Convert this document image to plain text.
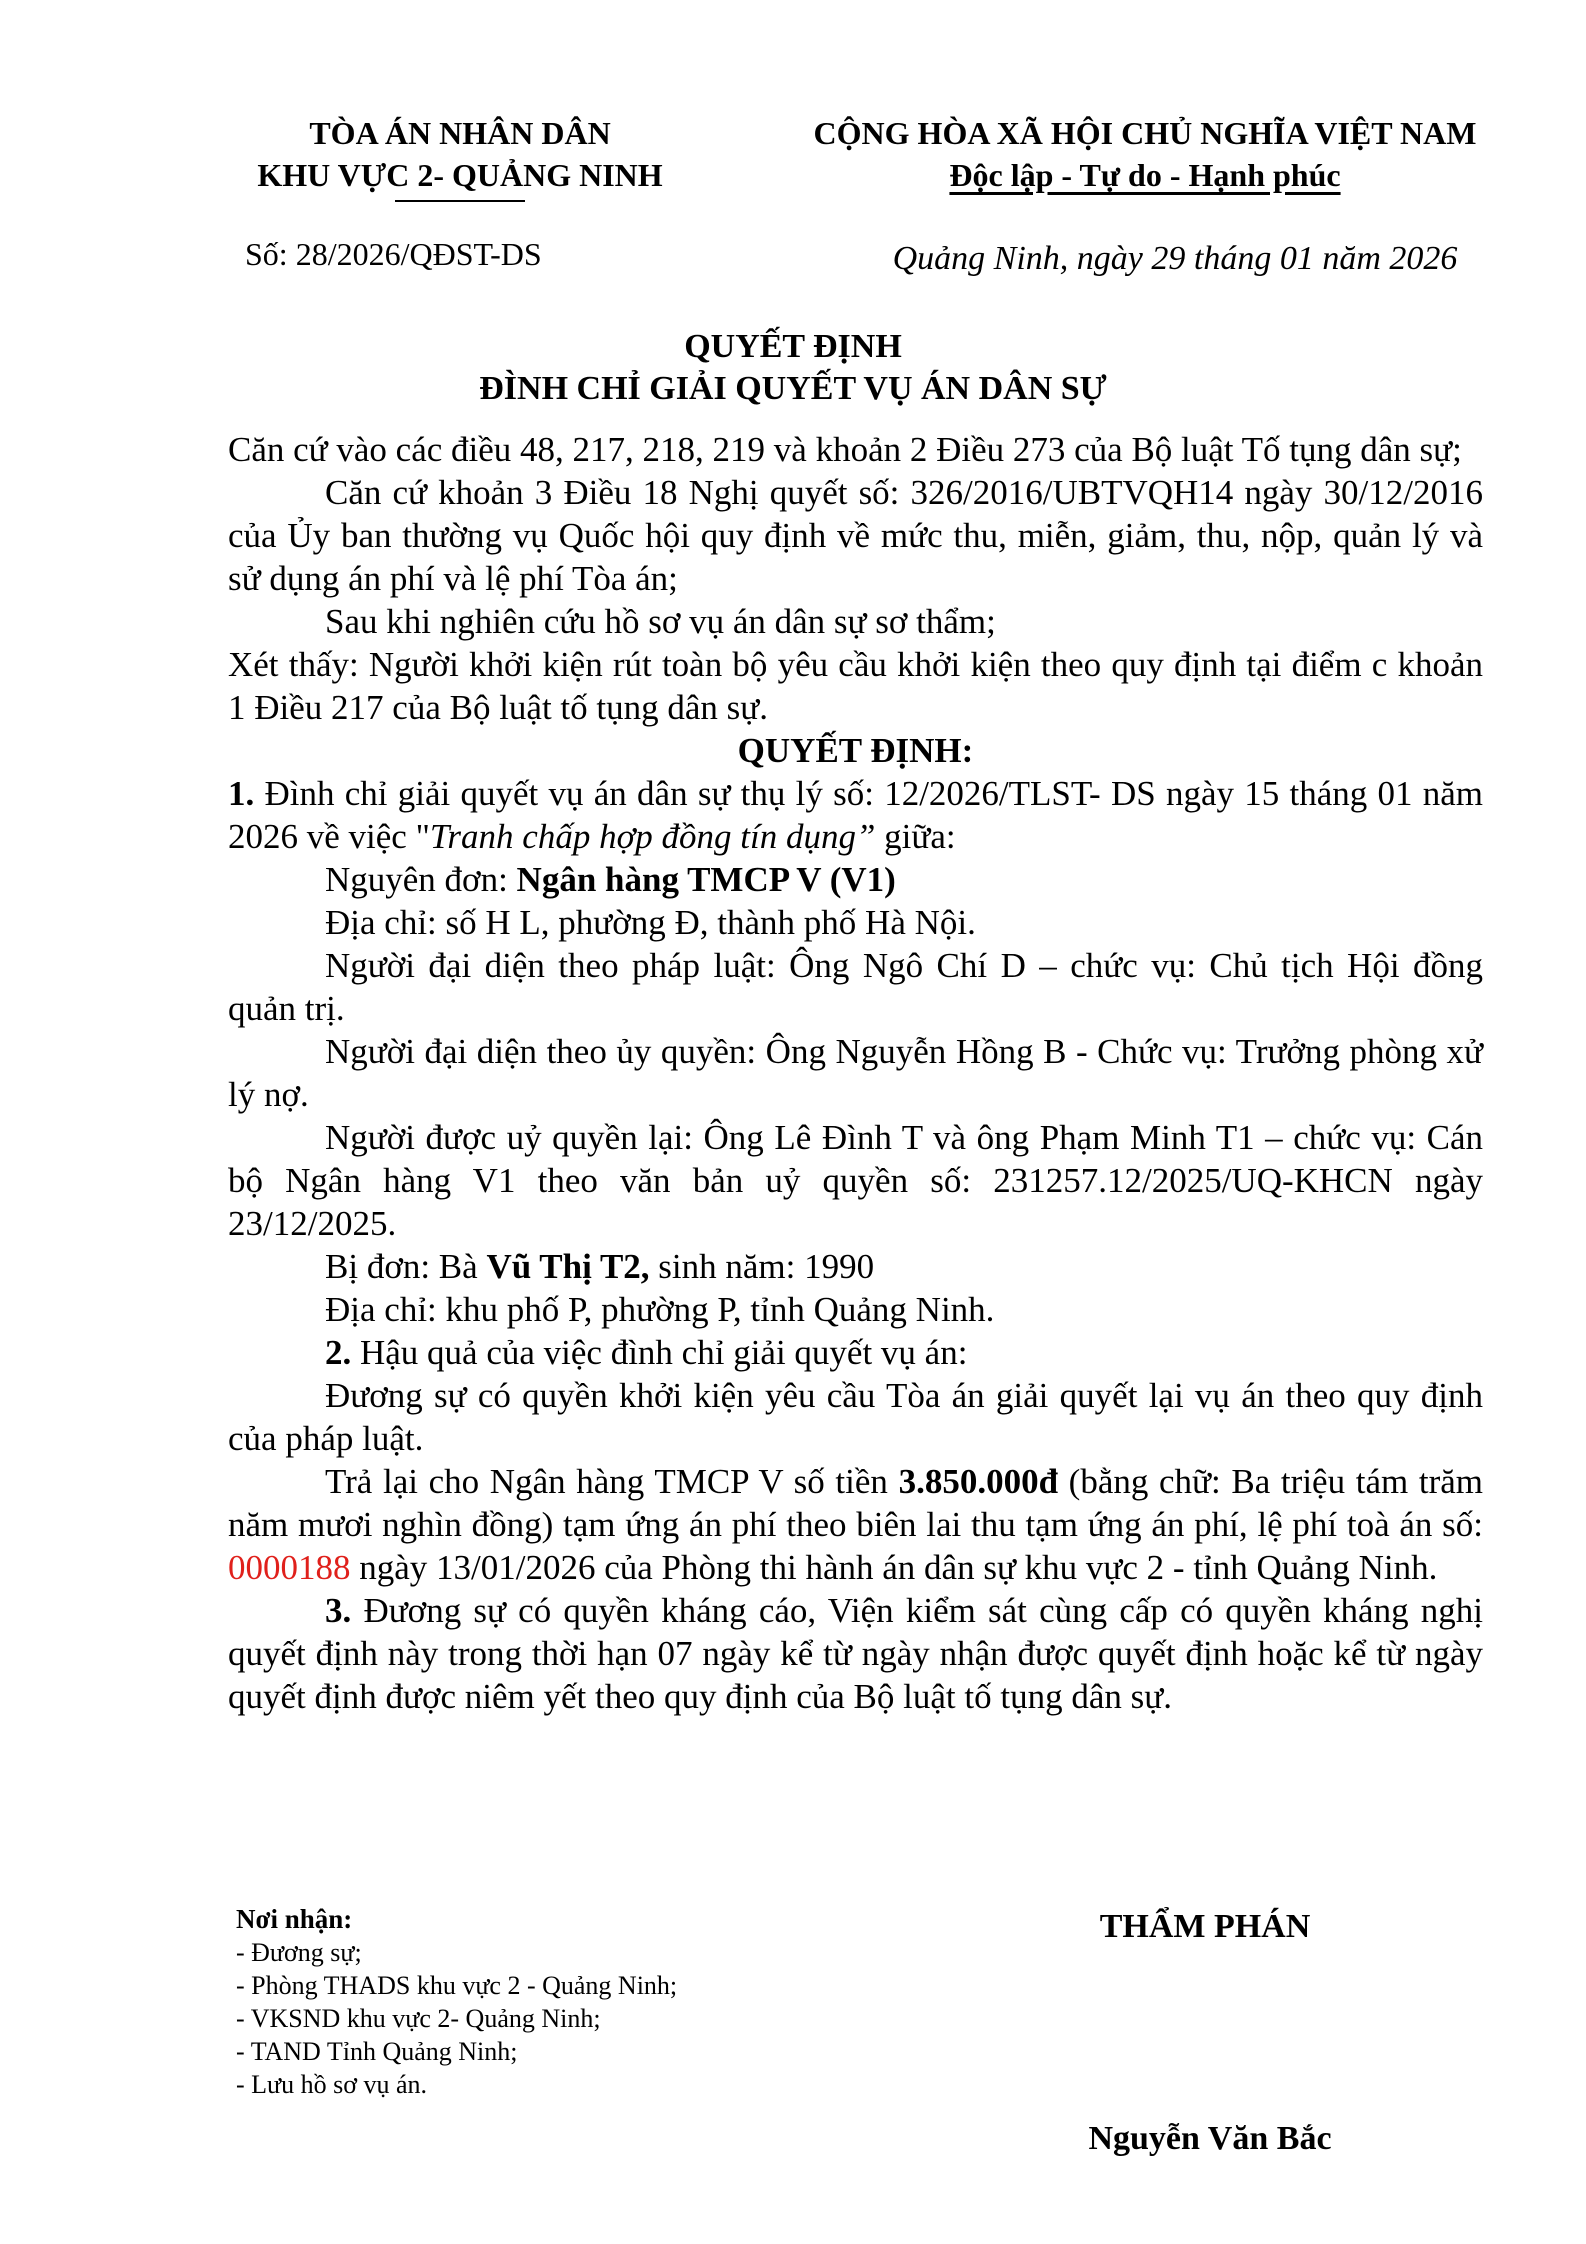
TÒA ÁN NHÂN DÂN
KHU VỰC 2- QUẢNG NINH
CỘNG HÒA XÃ HỘI CHỦ NGHĨA VIỆT NAM
Độc lập - Tự do - Hạnh phúc
Số: 28/2026/QĐST-DS	Quảng Ninh, ngày 29 tháng 01 năm 2026
QUYẾT ĐỊNH
ĐÌNH CHỈ GIẢI QUYẾT VỤ ÁN DÂN SỰ

Căn cứ vào các điều 48, 217, 218, 219 và khoản 2 Điều 273 của Bộ luật Tố tụng dân sự;

Căn cứ khoản 3 Điều 18 Nghị quyết số: 326/2016/UBTVQH14 ngày 30/12/2016 của Ủy ban thường vụ Quốc hội quy định về mức thu, miễn, giảm, thu, nộp, quản lý và sử dụng án phí và lệ phí Tòa án;

Sau khi nghiên cứu hồ sơ vụ án dân sự sơ thẩm;

Xét thấy: Người khởi kiện rút toàn bộ yêu cầu khởi kiện theo quy định tại điểm c khoản 1 Điều 217 của Bộ luật tố tụng dân sự.

QUYẾT ĐỊNH:

1. Đình chỉ giải quyết vụ án dân sự thụ lý số: 12/2026/TLST- DS ngày 15 tháng 01 năm 2026 về việc "Tranh chấp hợp đồng tín dụng” giữa:

Nguyên đơn: Ngân hàng TMCP V (V1)

Địa chỉ: số H L, phường Đ, thành phố Hà Nội.

Người đại diện theo pháp luật: Ông Ngô Chí D – chức vụ: Chủ tịch Hội đồng quản trị.

Người đại diện theo ủy quyền: Ông Nguyễn Hồng B - Chức vụ: Trưởng phòng xử lý nợ.

Người được uỷ quyền lại: Ông Lê Đình T và ông Phạm Minh T1 – chức vụ: Cán bộ Ngân hàng V1 theo văn bản uỷ quyền số: 231257.12/2025/UQ-KHCN ngày 23/12/2025.

Bị đơn: Bà Vũ Thị T2, sinh năm: 1990

Địa chỉ: khu phố P, phường P, tỉnh Quảng Ninh.

2. Hậu quả của việc đình chỉ giải quyết vụ án:

Đương sự có quyền khởi kiện yêu cầu Tòa án giải quyết lại vụ án theo quy định của pháp luật.

Trả lại cho Ngân hàng TMCP V số tiền 3.850.000đ (bằng chữ: Ba triệu tám trăm năm mươi nghìn đồng) tạm ứng án phí theo biên lai thu tạm ứng án phí, lệ phí toà án số: 0000188 ngày 13/01/2026 của Phòng thi hành án dân sự khu vực 2 - tỉnh Quảng Ninh.

3. Đương sự có quyền kháng cáo, Viện kiểm sát cùng cấp có quyền kháng nghị quyết định này trong thời hạn 07 ngày kể từ ngày nhận được quyết định hoặc kể từ ngày quyết định được niêm yết theo quy định của Bộ luật tố tụng dân sự.

Nơi nhận:
- Đương sự;
- Phòng THADS khu vực 2 - Quảng Ninh;
- VKSND khu vực 2- Quảng Ninh;
- TAND Tỉnh Quảng Ninh;
- Lưu hồ sơ vụ án.
THẨM PHÁN
Nguyễn Văn Bắc
